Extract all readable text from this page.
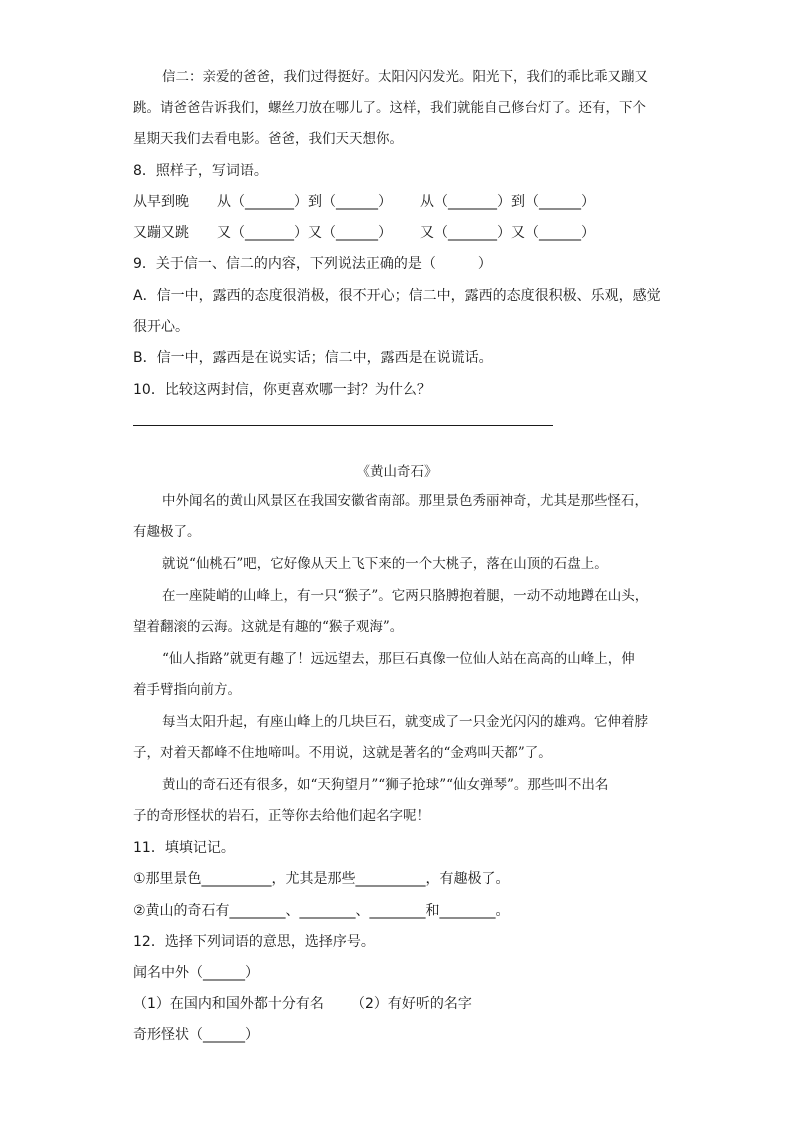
信二：亲爱的爸爸，我们过得挺好。太阳闪闪发光。阳光下，我们的乖比乖又蹦又
跳。请爸爸告诉我们，螺丝刀放在哪儿了。这样，我们就能自己修台灯了。还有，下个
星期天我们去看电影。爸爸，我们天天想你。
8．照样子，写词语。
从早到晚 从（_______）到（______） 从（_______）到（______）
又蹦又跳 又（_______）又（______） 又（_______）又（______）
9．关于信一、信二的内容，下列说法正确的是（　　　）
A．信一中，露西的态度很消极，很不开心；信二中，露西的态度很积极、乐观，感觉
很开心。
B．信一中，露西是在说实话；信二中，露西是在说谎话。
10．比较这两封信，你更喜欢哪一封？为什么？
《黄山奇石》
中外闻名的黄山风景区在我国安徽省南部。那里景色秀丽神奇，尤其是那些怪石，
有趣极了。
就说“仙桃石”吧，它好像从天上飞下来的一个大桃子，落在山顶的石盘上。
在一座陡峭的山峰上，有一只“猴子”。它两只胳膊抱着腿，一动不动地蹲在山头，
望着翻滚的云海。这就是有趣的“猴子观海”。
“仙人指路”就更有趣了！远远望去，那巨石真像一位仙人站在高高的山峰上，伸
着手臂指向前方。
每当太阳升起，有座山峰上的几块巨石，就变成了一只金光闪闪的雄鸡。它伸着脖
子，对着天都峰不住地啼叫。不用说，这就是著名的“金鸡叫天都”了。
黄山的奇石还有很多，如“天狗望月”“狮子抢球”“仙女弹琴”。那些叫不出名
子的奇形怪状的岩石，正等你去给他们起名字呢！
11．填填记记。
①那里景色__________，尤其是那些__________，有趣极了。
②黄山的奇石有________、________、________和________。
12．选择下列词语的意思，选择序号。
闻名中外（______）
（1）在国内和国外都十分有名 （2）有好听的名字
奇形怪状（______）
